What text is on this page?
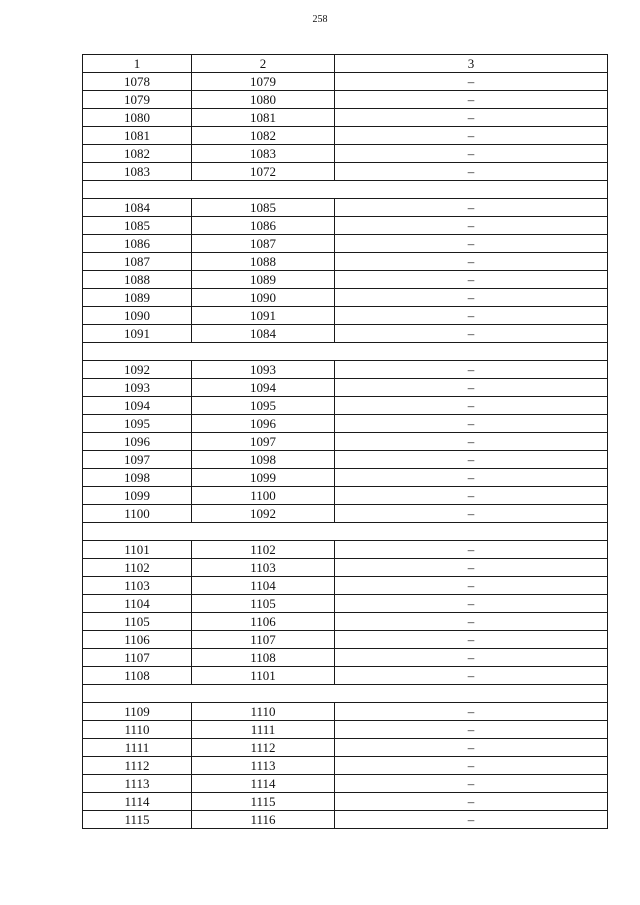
258
1	2	3
1078	1079	–
1079	1080	–
1080	1081	–
1081	1082	–
1082	1083	–
1083	1072	–

1084	1085	–
1085	1086	–
1086	1087	–
1087	1088	–
1088	1089	–
1089	1090	–
1090	1091	–
1091	1084	–

1092	1093	–
1093	1094	–
1094	1095	–
1095	1096	–
1096	1097	–
1097	1098	–
1098	1099	–
1099	1100	–
1100	1092	–

1101	1102	–
1102	1103	–
1103	1104	–
1104	1105	–
1105	1106	–
1106	1107	–
1107	1108	–
1108	1101	–

1109	1110	–
1110	1111	–
1111	1112	–
1112	1113	–
1113	1114	–
1114	1115	–
1115	1116	–
